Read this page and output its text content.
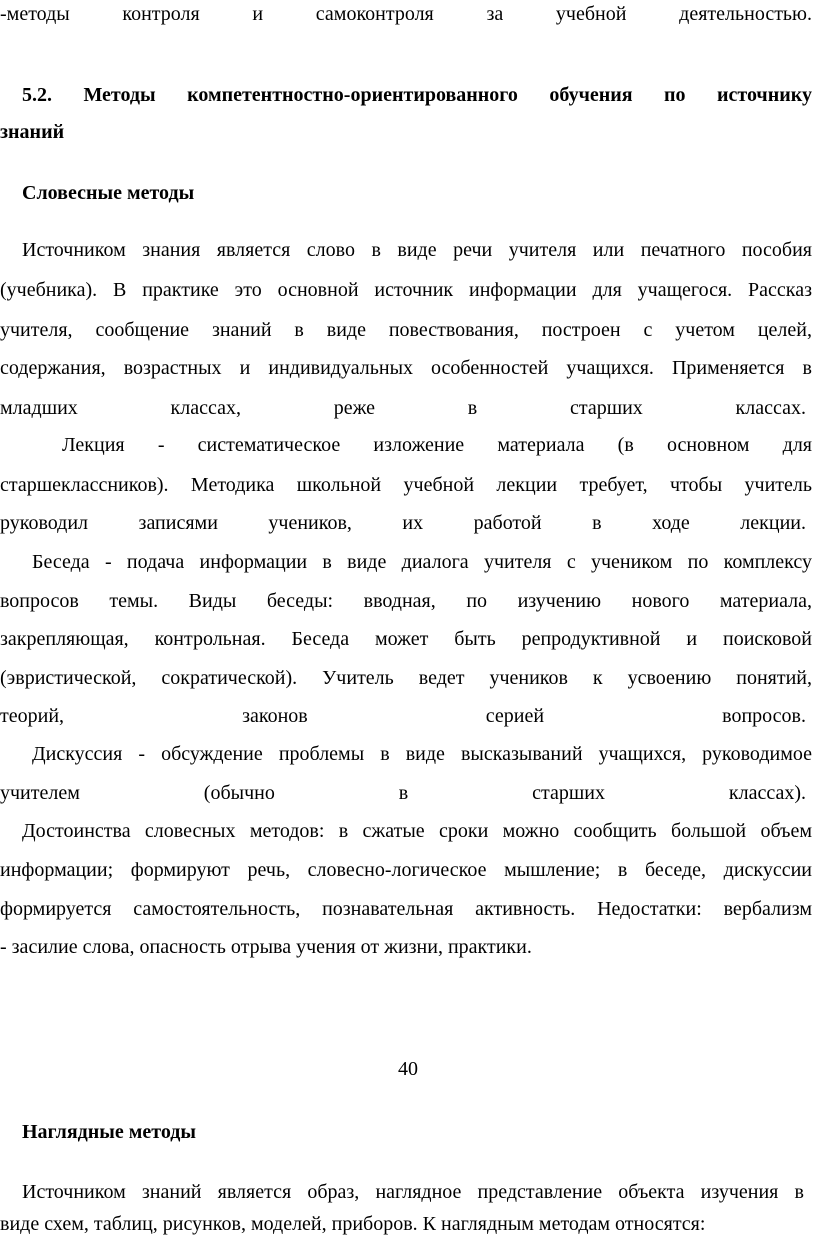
-методы контроля и самоконтроля за учебной деятельностью.
5.2. Методы компетентностно-ориентированного обучения по источнику
знаний
Словесные методы
Источником знания является слово в виде речи учителя или печатного пособия
(учебника). В практике это основной источник информации для учащегося. Рассказ
учителя, сообщение знаний в виде повествования, построен с учетом целей,
содержания, возрастных и индивидуальных особенностей учащихся. Применяется в
младших классах, реже в старших классах.
Лекция - систематическое изложение материала (в основном для
старшеклассников). Методика школьной учебной лекции требует, чтобы учитель
руководил записями учеников, их работой в ходе лекции.
Беседа - подача информации в виде диалога учителя с учеником по комплексу
вопросов темы. Виды беседы: вводная, по изучению нового материала,
закрепляющая, контрольная. Беседа может быть репродуктивной и поисковой
(эвристической, сократической). Учитель ведет учеников к усвоению понятий,
теорий, законов серией вопросов.
Дискуссия - обсуждение проблемы в виде высказываний учащихся, руководимое
учителем (обычно в старших классах).
Достоинства словесных методов: в сжатые сроки можно сообщить большой объем
информации; формируют речь, словесно-логическое мышление; в беседе, дискуссии
формируется самостоятельность, познавательная активность. Недостатки: вербализм
- засилие слова, опасность отрыва учения от жизни, практики.
40
Наглядные методы
Источником знаний является образ, наглядное представление объекта изучения в
виде схем, таблиц, рисунков, моделей, приборов. К наглядным методам относятся:
